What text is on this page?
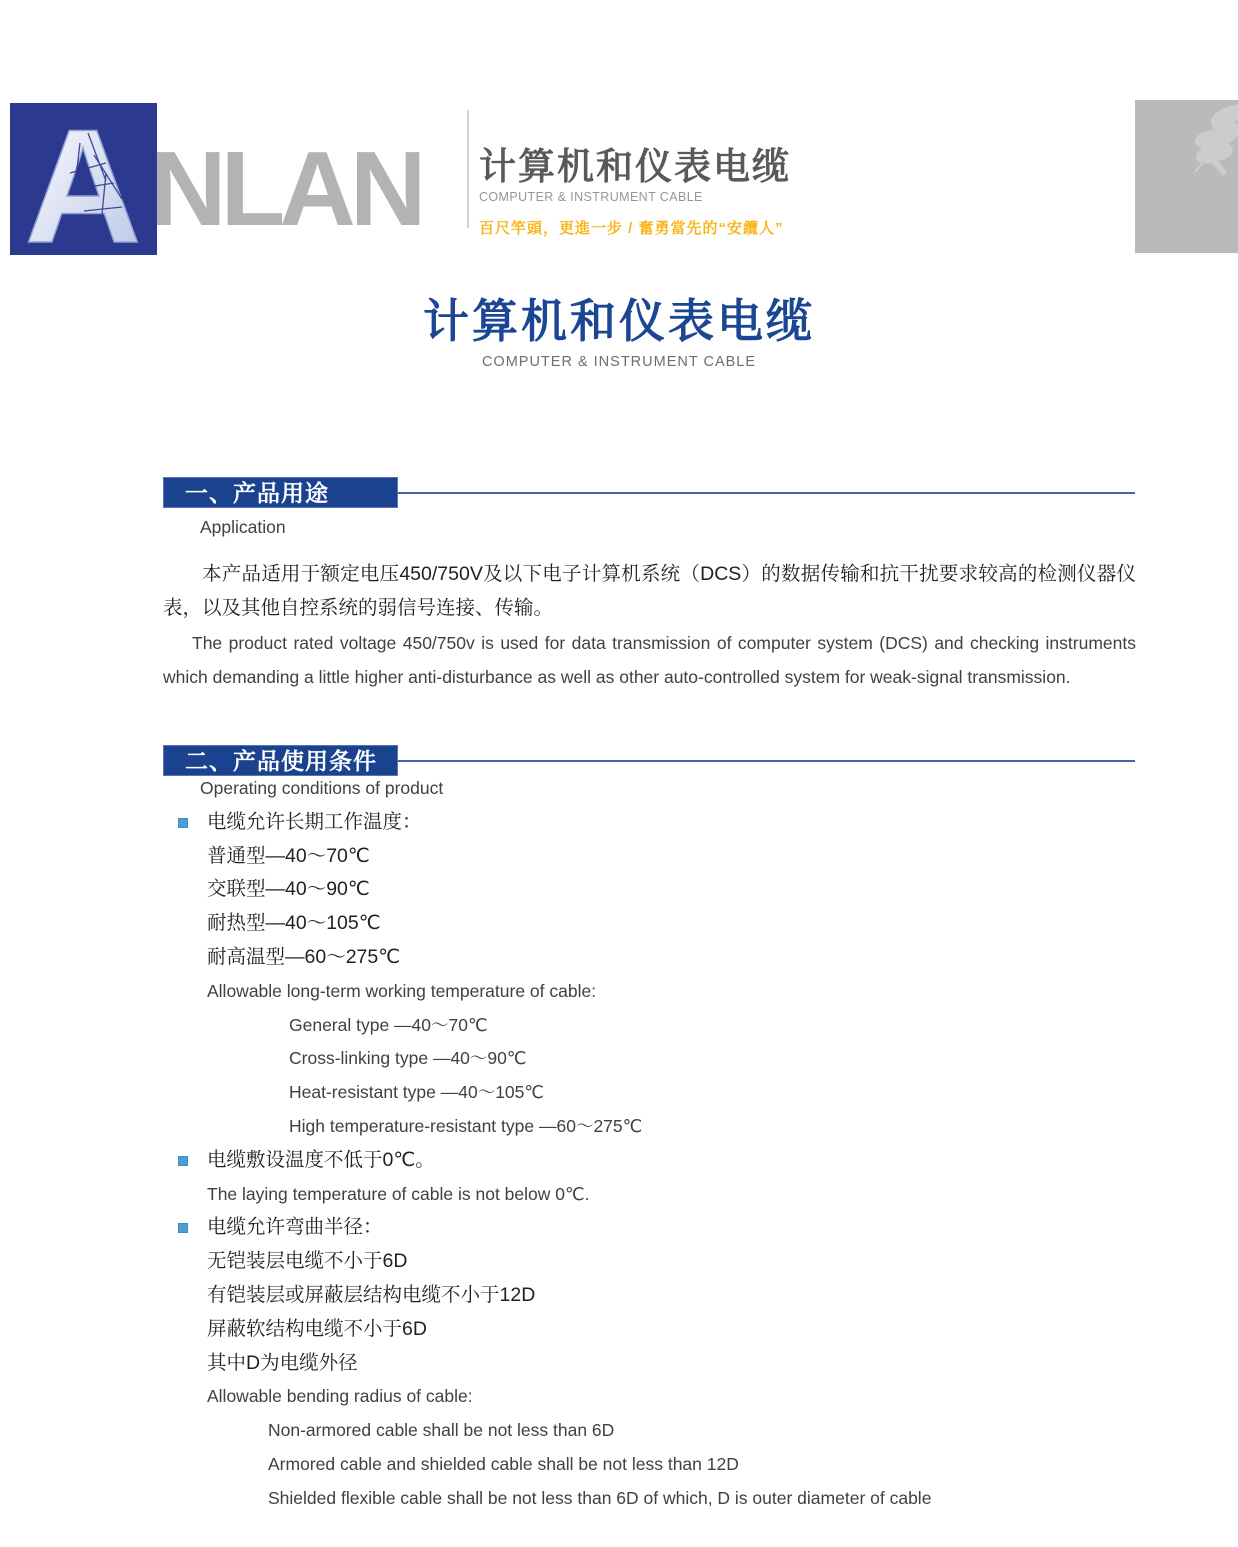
A NLAN 计算机和仪表电缆
COMPUTER & INSTRUMENT CABLE
百尺竿頭，更進一步 / 奮勇當先的“安纜人”
计算机和仪表电缆
COMPUTER & INSTRUMENT CABLE
一、产品用途
Application
本产品适用于额定电压450/750V及以下电子计算机系统（DCS）的数据传输和抗干扰要求较高的检测仪器仪表，以及其他自控系统的弱信号连接、传输。
The product rated voltage 450/750v is used for data transmission of computer system (DCS) and checking instruments which demanding a little higher anti-disturbance as well as other auto-controlled system for weak-signal transmission.
二、产品使用条件
Operating conditions of product
电缆允许长期工作温度：
普通型—40～70℃
交联型—40～90℃
耐热型—40～105℃
耐高温型—60～275℃
Allowable long-term working temperature of cable:
General type —40～70℃
Cross-linking type —40～90℃
Heat-resistant type —40～105℃
High temperature-resistant type —60～275℃
电缆敷设温度不低于0℃。
The laying temperature of cable is not below 0℃.
电缆允许弯曲半径：
无铠装层电缆不小于6D
有铠装层或屏蔽层结构电缆不小于12D
屏蔽软结构电缆不小于6D
其中D为电缆外径
Allowable bending radius of cable:
Non-armored cable shall be not less than 6D
Armored cable and shielded cable shall be not less than 12D
Shielded flexible cable shall be not less than 6D of which, D is outer diameter of cable
